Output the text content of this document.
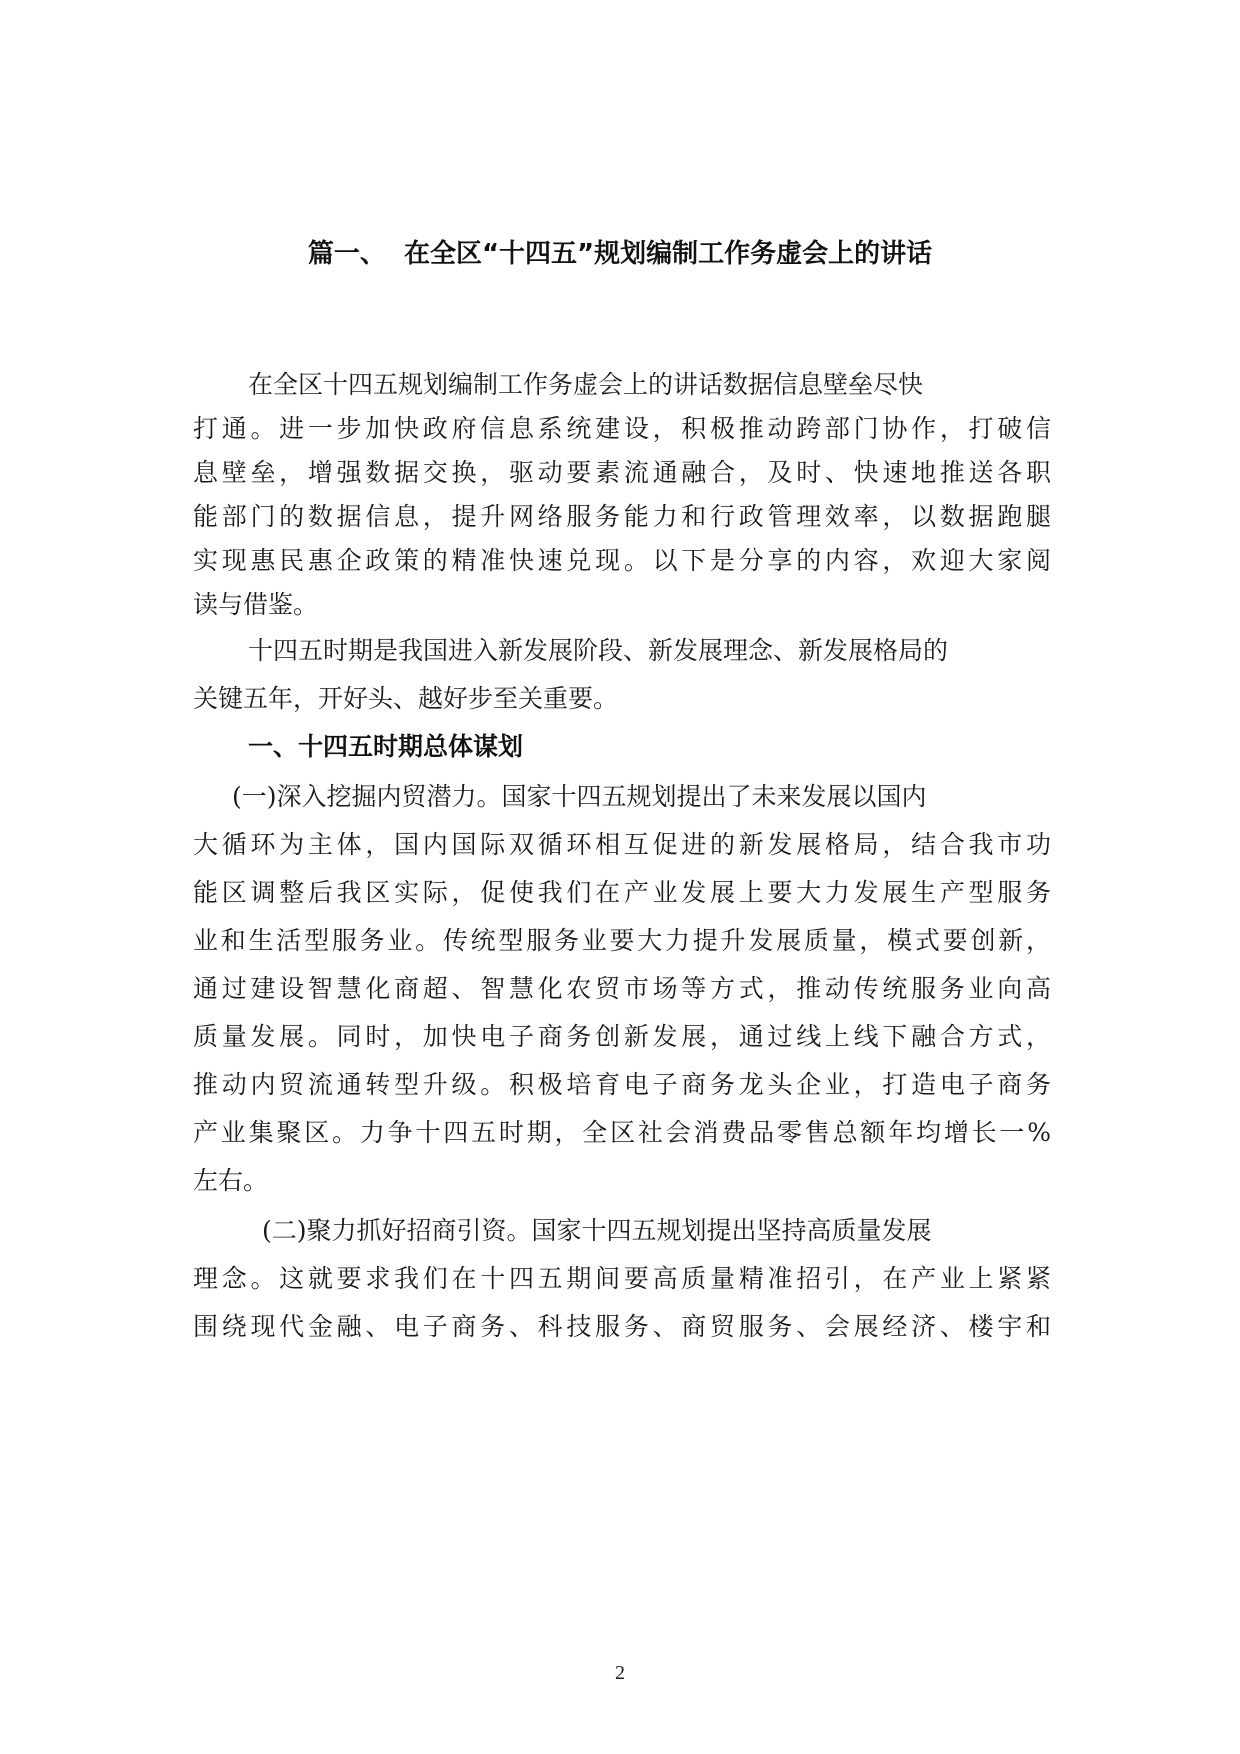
篇一、  在全区“十四五”规划编制工作务虚会上的讲话
在全区十四五规划编制工作务虚会上的讲话数据信息壁垒尽快
打通。进一步加快政府信息系统建设，积极推动跨部门协作，打破信
息壁垒，增强数据交换，驱动要素流通融合，及时、快速地推送各职
能部门的数据信息，提升网络服务能力和行政管理效率，以数据跑腿
实现惠民惠企政策的精准快速兑现。以下是分享的内容，欢迎大家阅
读与借鉴。
十四五时期是我国进入新发展阶段、新发展理念、新发展格局的
关键五年，开好头、越好步至关重要。
一、十四五时期总体谋划
(一)深入挖掘内贸潜力。国家十四五规划提出了未来发展以国内
大循环为主体，国内国际双循环相互促进的新发展格局，结合我市功
能区调整后我区实际，促使我们在产业发展上要大力发展生产型服务
业和生活型服务业。传统型服务业要大力提升发展质量，模式要创新，
通过建设智慧化商超、智慧化农贸市场等方式，推动传统服务业向高
质量发展。同时，加快电子商务创新发展，通过线上线下融合方式，
推动内贸流通转型升级。积极培育电子商务龙头企业，打造电子商务
产业集聚区。力争十四五时期，全区社会消费品零售总额年均增长一%
左右。
(二)聚力抓好招商引资。国家十四五规划提出坚持高质量发展
理念。这就要求我们在十四五期间要高质量精准招引，在产业上紧紧
围绕现代金融、电子商务、科技服务、商贸服务、会展经济、楼宇和
2
